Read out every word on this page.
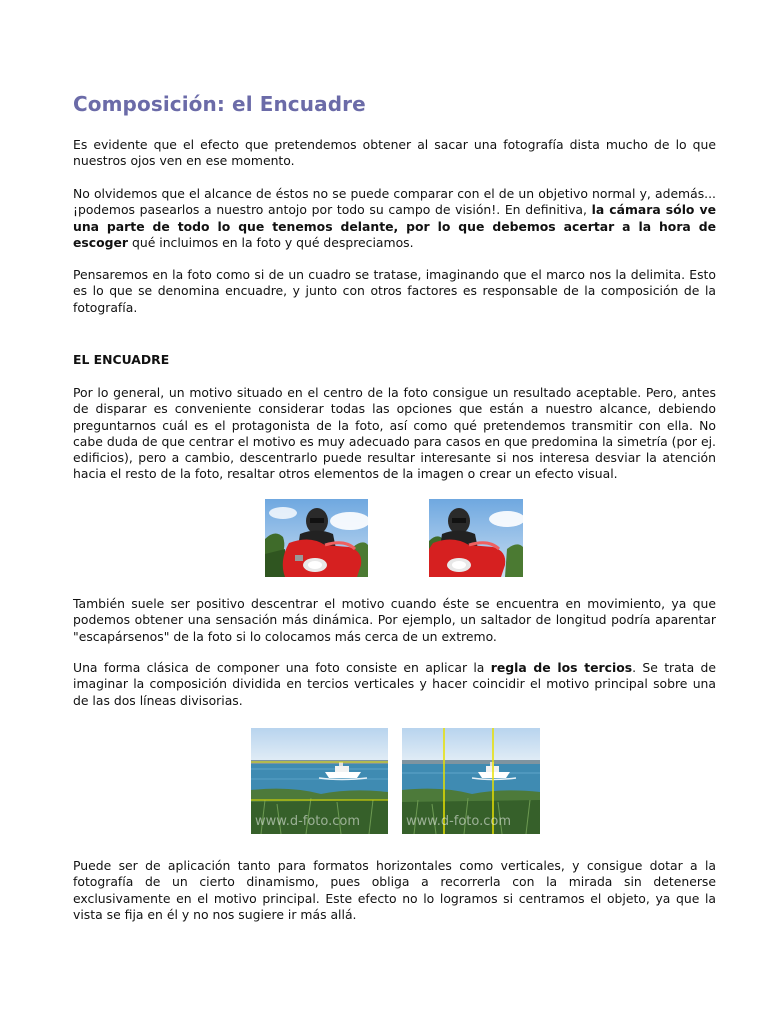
Composición: el Encuadre

Es evidente que el efecto que pretendemos obtener al sacar una fotografía dista mucho de lo que nuestros ojos ven en ese momento.

No olvidemos que el alcance de éstos no se puede comparar con el de un objetivo normal y, además... ¡podemos pasearlos a nuestro antojo por todo su campo de visión!. En definitiva, la cámara sólo ve una parte de todo lo que tenemos delante, por lo que debemos acertar a la hora de escoger qué incluimos en la foto y qué despreciamos.

Pensaremos en la foto como si de un cuadro se tratase, imaginando que el marco nos la delimita. Esto es lo que se denomina encuadre, y junto con otros factores es responsable de la composición de la fotografía.

EL ENCUADRE

Por lo general, un motivo situado en el centro de la foto consigue un resultado aceptable. Pero, antes de disparar es conveniente considerar todas las opciones que están a nuestro alcance, debiendo preguntarnos cuál es el protagonista de la foto, así como qué pretendemos transmitir con ella. No cabe duda de que centrar el motivo es muy adecuado para casos en que predomina la simetría (por ej. edificios), pero a cambio, descentrarlo puede resultar interesante si nos interesa desviar la atención hacia el resto de la foto, resaltar otros elementos de la imagen o crear un efecto visual.

También suele ser positivo descentrar el motivo cuando éste se encuentra en movimiento, ya que podemos obtener una sensación más dinámica. Por ejemplo, un saltador de longitud podría aparentar "escapársenos" de la foto si lo colocamos más cerca de un extremo.

Una forma clásica de componer una foto consiste en aplicar la regla de los tercios. Se trata de imaginar la composición dividida en tercios verticales y hacer coincidir el motivo principal sobre una de las dos líneas divisorias.

Puede ser de aplicación tanto para formatos horizontales como verticales, y consigue dotar a la fotografía de un cierto dinamismo, pues obliga a recorrerla con la mirada sin detenerse exclusivamente en el motivo principal. Este efecto no lo logramos si centramos el objeto, ya que la vista se fija en él y no nos sugiere ir más allá.

www.d-foto.com	www.d-foto.com
